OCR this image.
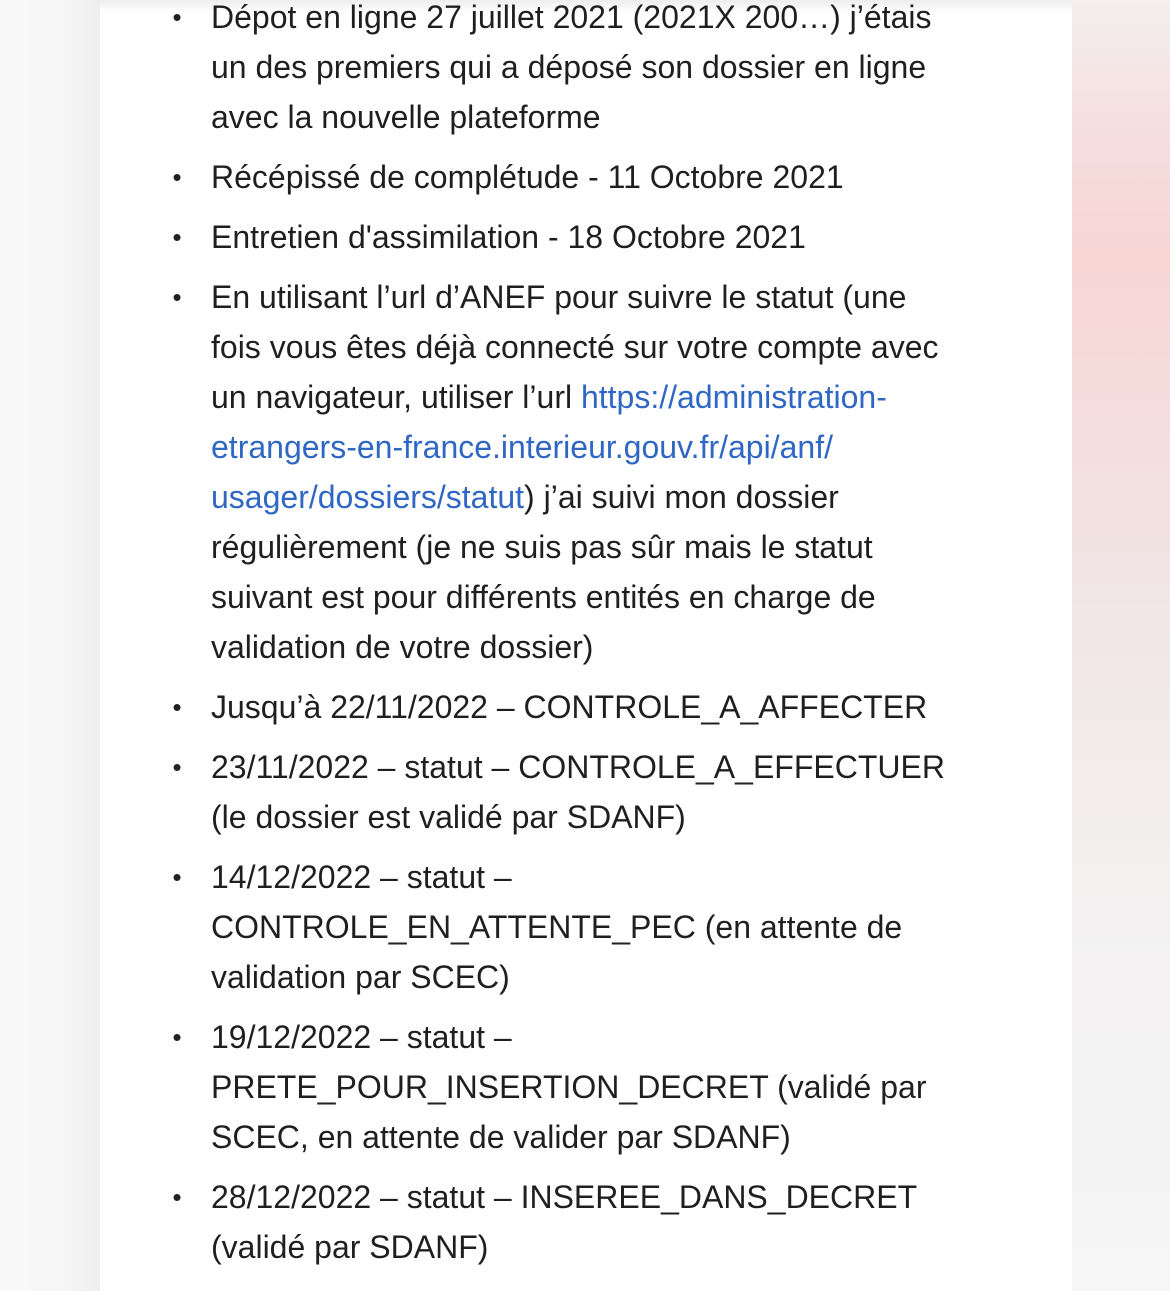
• Dépot en ligne 27 juillet 2021 (2021X 200…) j’étais
un des premiers qui a déposé son dossier en ligne
avec la nouvelle plateforme
• Récépissé de complétude - 11 Octobre 2021
• Entretien d'assimilation - 18 Octobre 2021
• En utilisant l’url d’ANEF pour suivre le statut (une
fois vous êtes déjà connecté sur votre compte avec
un navigateur, utiliser l’url https://administration-
etrangers-en-france.interieur.gouv.fr/api/anf/
usager/dossiers/statut) j’ai suivi mon dossier
régulièrement (je ne suis pas sûr mais le statut
suivant est pour différents entités en charge de
validation de votre dossier)
• Jusqu’à 22/11/2022 – CONTROLE_A_AFFECTER
• 23/11/2022 – statut – CONTROLE_A_EFFECTUER
(le dossier est validé par SDANF)
• 14/12/2022 – statut –
CONTROLE_EN_ATTENTE_PEC (en attente de
validation par SCEC)
• 19/12/2022 – statut –
PRETE_POUR_INSERTION_DECRET (validé par
SCEC, en attente de valider par SDANF)
• 28/12/2022 – statut – INSEREE_DANS_DECRET
(validé par SDANF)
